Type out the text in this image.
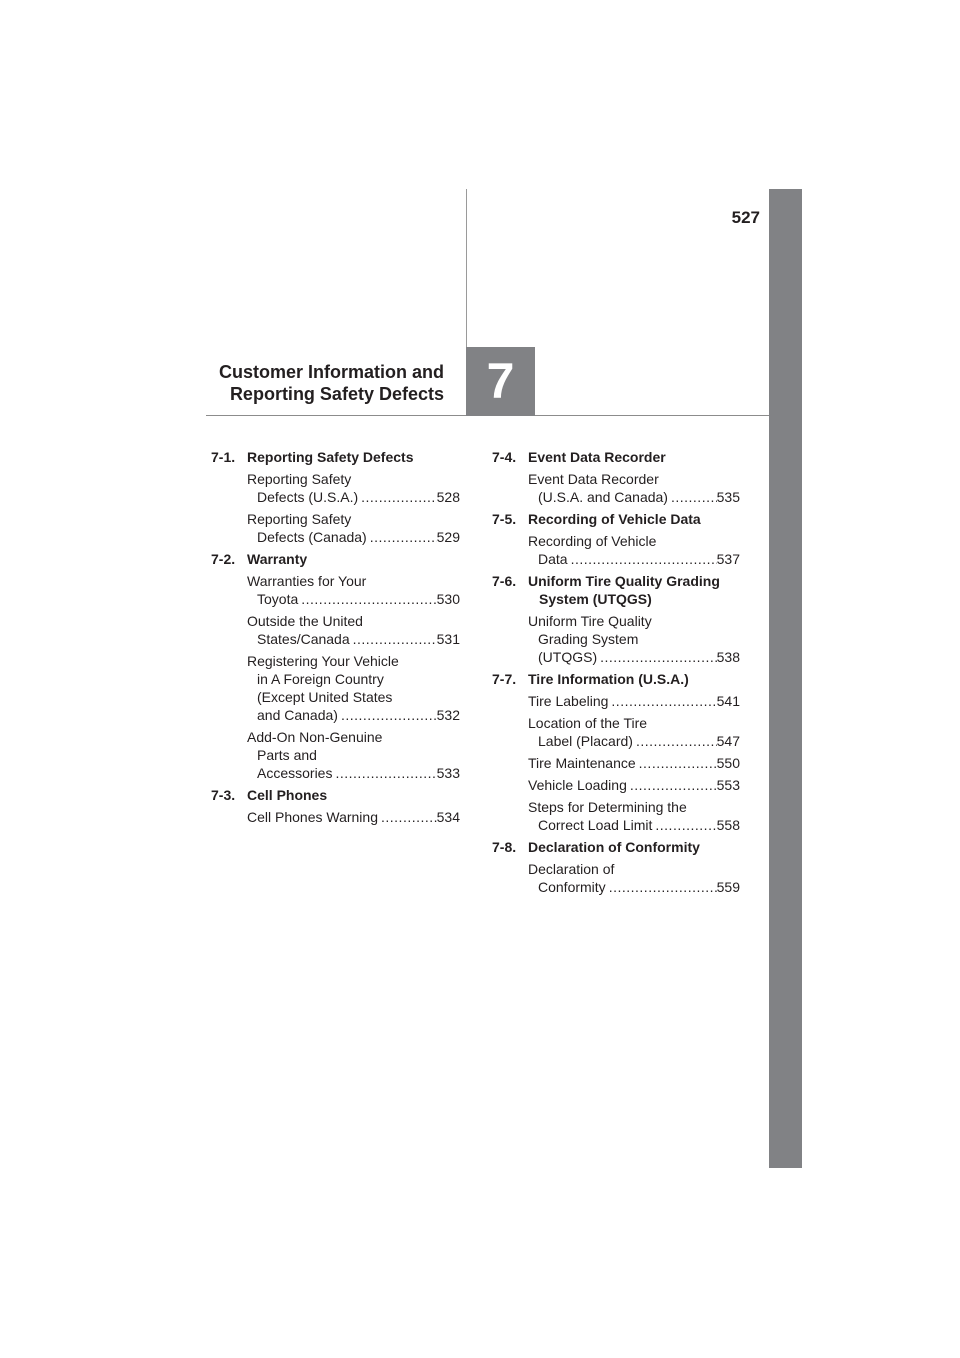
527
Customer Information and
Reporting Safety Defects 7
7-1. Reporting Safety Defects
Reporting Safety
Defects (U.S.A.) .....	528
Reporting Safety
Defects (Canada) .....	529
7-2. Warranty
Warranties for Your
Toyota .....	530
Outside the United
States/Canada .....	531
Registering Your Vehicle
in A Foreign Country
(Except United States
and Canada) .....	532
Add-On Non-Genuine
Parts and
Accessories .....	533
7-3. Cell Phones
Cell Phones Warning .....	534
7-4. Event Data Recorder
Event Data Recorder
(U.S.A. and Canada) .....	535
7-5. Recording of Vehicle Data
Recording of Vehicle
Data .....	537
7-6. Uniform Tire Quality Grading System (UTQGS)
Uniform Tire Quality
Grading System
(UTQGS) .....	538
7-7. Tire Information (U.S.A.)
Tire Labeling .....	541
Location of the Tire
Label (Placard) .....	547
Tire Maintenance .....	550
Vehicle Loading .....	553
Steps for Determining the
Correct Load Limit .....	558
7-8. Declaration of Conformity
Declaration of
Conformity .....	559
